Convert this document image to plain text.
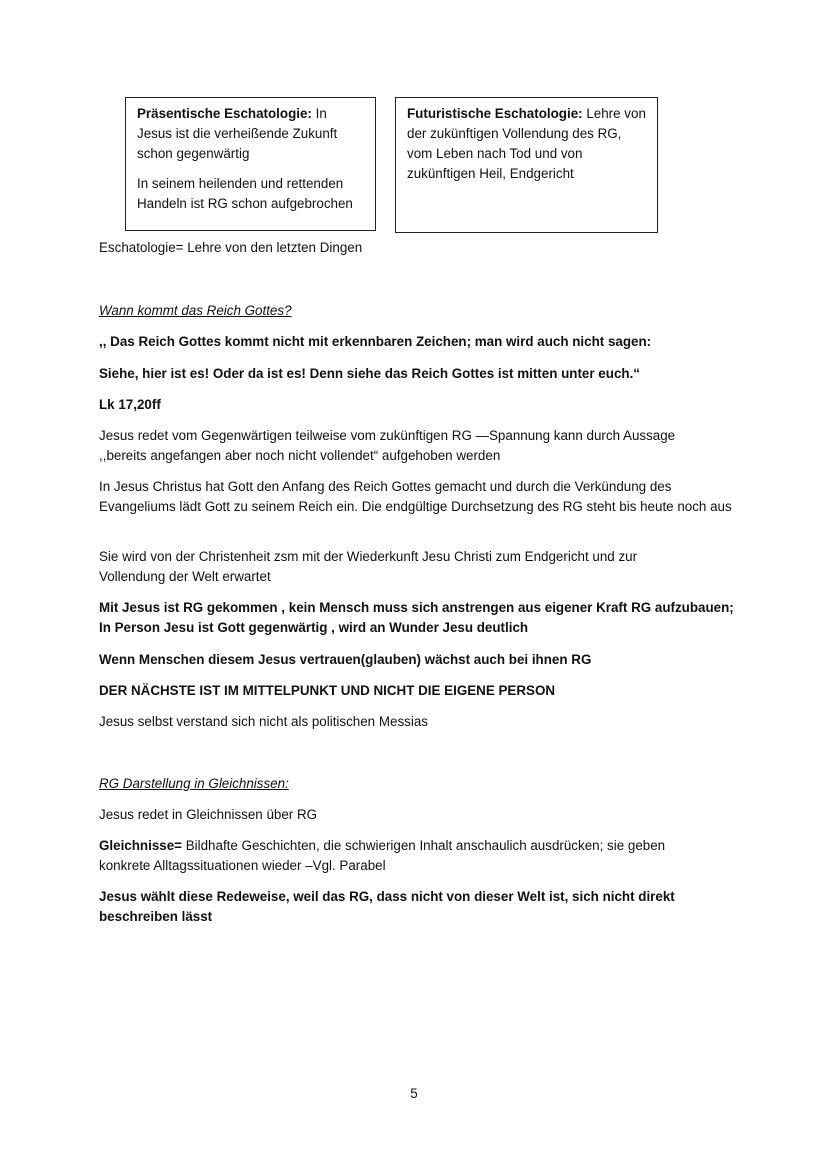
Präsentische Eschatologie: In Jesus ist die verheißende Zukunft schon gegenwärtig

In seinem heilenden und rettenden Handeln ist RG schon aufgebrochen

Futuristische Eschatologie: Lehre von der zukünftigen Vollendung des RG, vom Leben nach Tod und von zukünftigen Heil, Endgericht

Eschatologie= Lehre von den letzten Dingen

Wann kommt das Reich Gottes?

,, Das Reich Gottes kommt nicht mit erkennbaren Zeichen; man wird auch nicht sagen:

Siehe, hier ist es! Oder da ist es! Denn siehe das Reich Gottes ist mitten unter euch.“

Lk 17,20ff

Jesus redet vom Gegenwärtigen teilweise vom zukünftigen RG —Spannung kann durch Aussage ,,bereits angefangen aber noch nicht vollendet“ aufgehoben werden

In Jesus Christus hat Gott den Anfang des Reich Gottes gemacht und durch die Verkündung des Evangeliums lädt Gott zu seinem Reich ein. Die endgültige Durchsetzung des RG steht bis heute noch aus

Sie wird von der Christenheit zsm mit der Wiederkunft Jesu Christi zum Endgericht und zur Vollendung der Welt erwartet

Mit Jesus ist RG gekommen , kein Mensch muss sich anstrengen aus eigener Kraft RG aufzubauen; In Person Jesu ist Gott gegenwärtig , wird an Wunder Jesu deutlich

Wenn Menschen diesem Jesus vertrauen(glauben) wächst auch bei ihnen RG

DER NÄCHSTE IST IM MITTELPUNKT UND NICHT DIE EIGENE PERSON

Jesus selbst verstand sich nicht als politischen Messias

RG Darstellung in Gleichnissen:

Jesus redet in Gleichnissen über RG

Gleichnisse= Bildhafte Geschichten, die schwierigen Inhalt anschaulich ausdrücken; sie geben konkrete Alltagssituationen wieder –Vgl. Parabel

Jesus wählt diese Redeweise, weil das RG, dass nicht von dieser Welt ist, sich nicht direkt beschreiben lässt

5
